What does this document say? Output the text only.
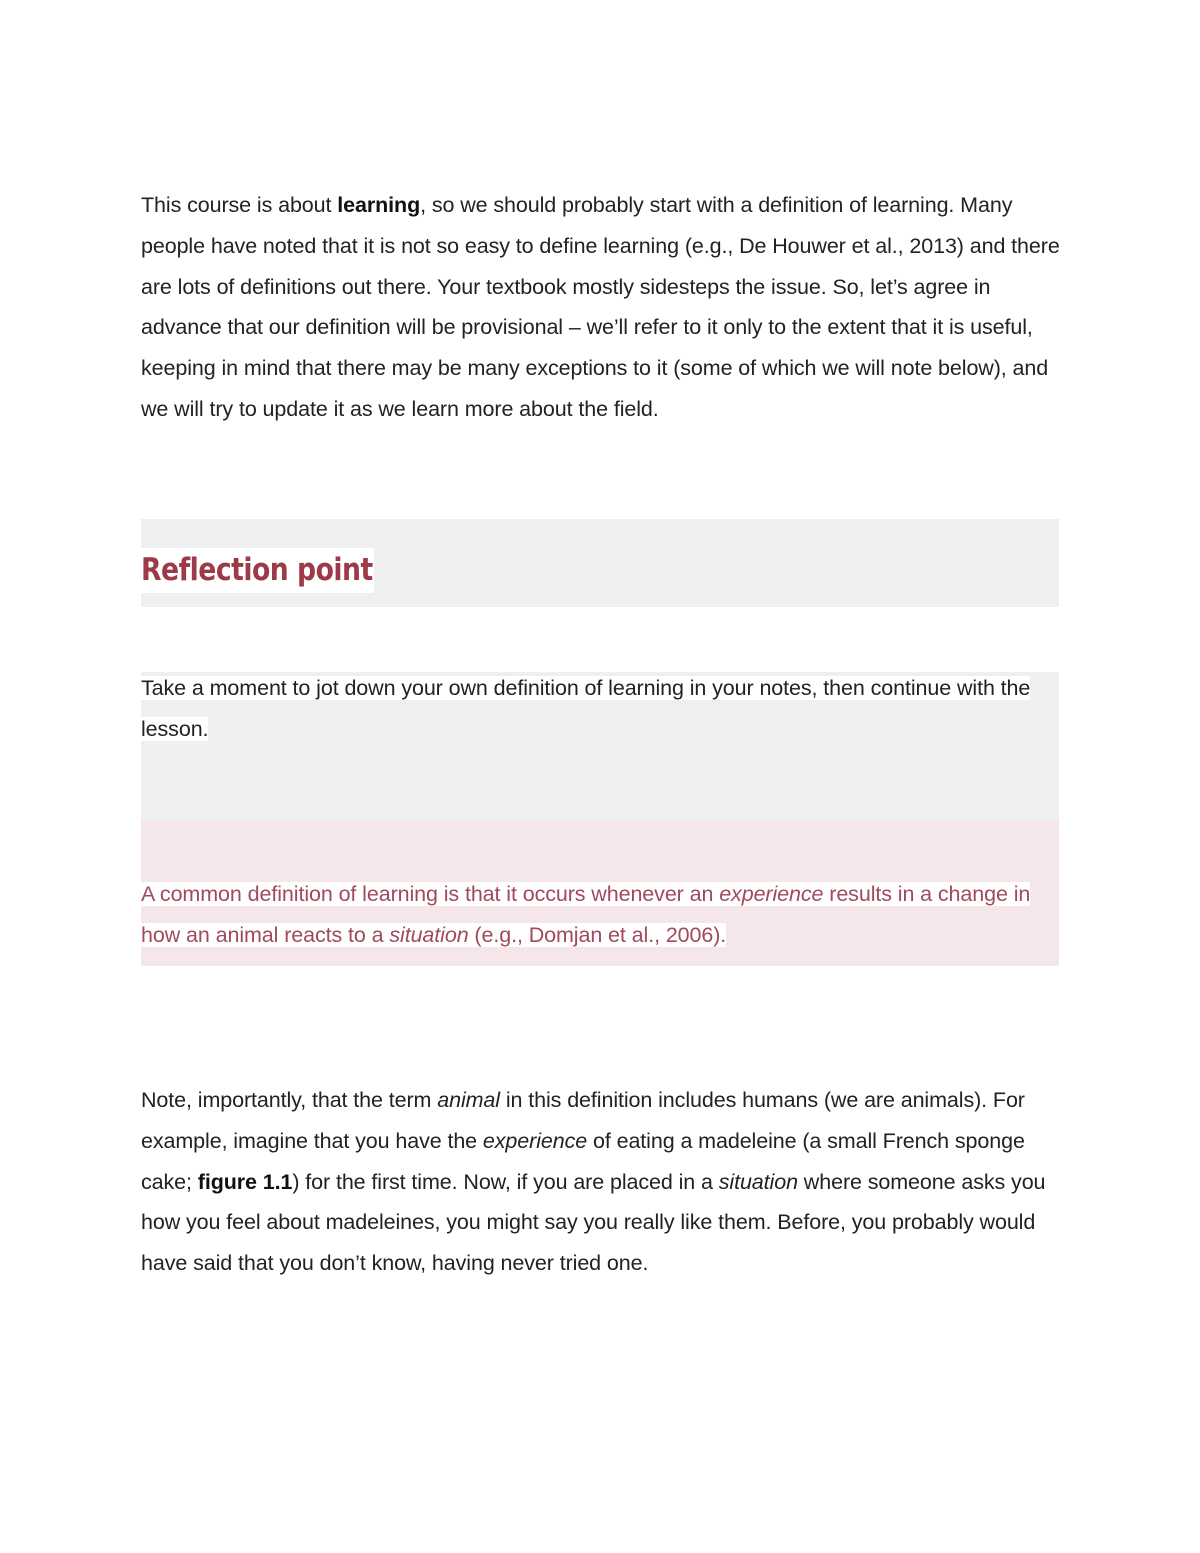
This course is about learning, so we should probably start with a definition of learning. Many people have noted that it is not so easy to define learning (e.g., De Houwer et al., 2013) and there are lots of definitions out there. Your textbook mostly sidesteps the issue. So, let’s agree in advance that our definition will be provisional – we’ll refer to it only to the extent that it is useful, keeping in mind that there may be many exceptions to it (some of which we will note below), and we will try to update it as we learn more about the field.

Reflection point

Take a moment to jot down your own definition of learning in your notes, then continue with the lesson.

A common definition of learning is that it occurs whenever an experience results in a change in how an animal reacts to a situation (e.g., Domjan et al., 2006).

Note, importantly, that the term animal in this definition includes humans (we are animals). For example, imagine that you have the experience of eating a madeleine (a small French sponge cake; figure 1.1) for the first time. Now, if you are placed in a situation where someone asks you how you feel about madeleines, you might say you really like them. Before, you probably would have said that you don’t know, having never tried one.
